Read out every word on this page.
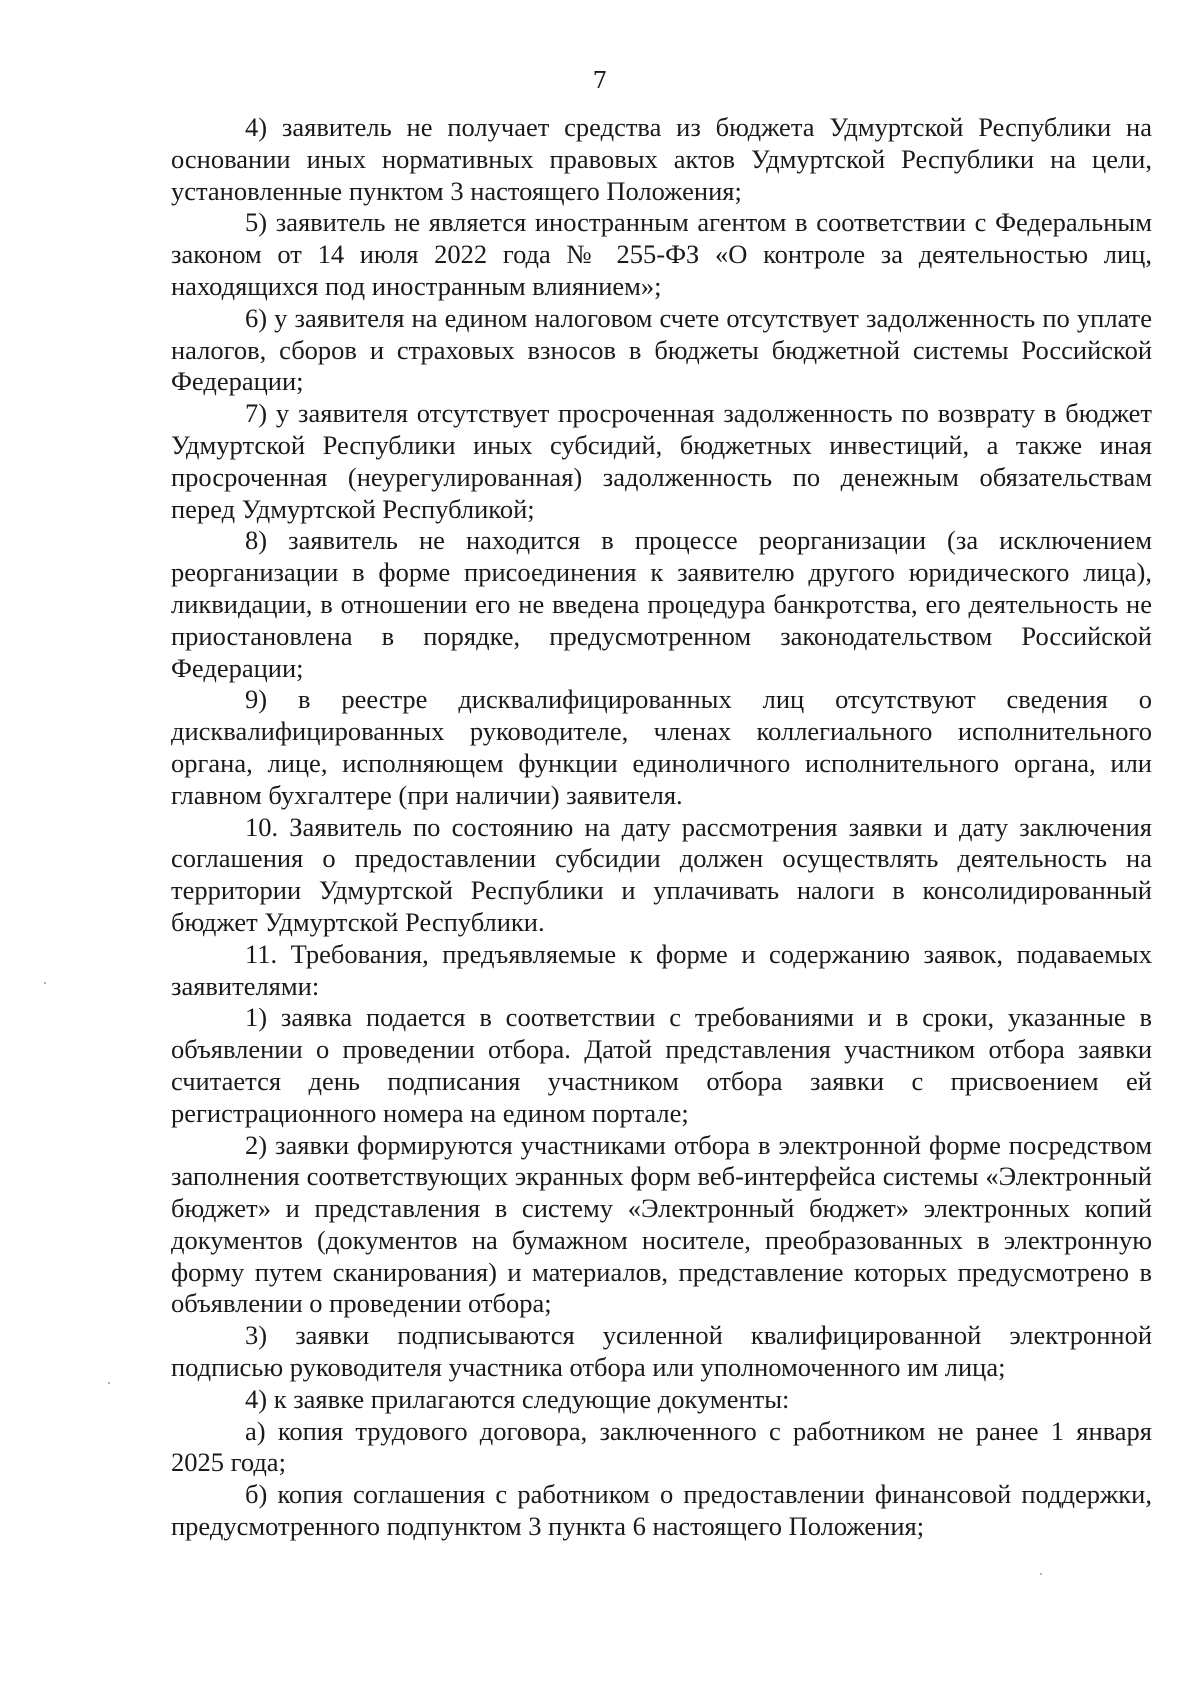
7

4) заявитель не получает средства из бюджета Удмуртской Республики на основании иных нормативных правовых актов Удмуртской Республики на цели, установленные пунктом 3 настоящего Положения;

5) заявитель не является иностранным агентом в соответствии с Федеральным законом от 14 июля 2022 года № 255-ФЗ «О контроле за деятельностью лиц, находящихся под иностранным влиянием»;

6) у заявителя на едином налоговом счете отсутствует задолженность по уплате налогов, сборов и страховых взносов в бюджеты бюджетной системы Российской Федерации;

7) у заявителя отсутствует просроченная задолженность по возврату в бюджет Удмуртской Республики иных субсидий, бюджетных инвестиций, а также иная просроченная (неурегулированная) задолженность по денежным обязательствам перед Удмуртской Республикой;

8) заявитель не находится в процессе реорганизации (за исключением реорганизации в форме присоединения к заявителю другого юридического лица), ликвидации, в отношении его не введена процедура банкротства, его деятельность не приостановлена в порядке, предусмотренном законодательством Российской Федерации;

9) в реестре дисквалифицированных лиц отсутствуют сведения о дисквалифицированных руководителе, членах коллегиального исполнительного органа, лице, исполняющем функции единоличного исполнительного органа, или главном бухгалтере (при наличии) заявителя.

10. Заявитель по состоянию на дату рассмотрения заявки и дату заключения соглашения о предоставлении субсидии должен осуществлять деятельность на территории Удмуртской Республики и уплачивать налоги в консолидированный бюджет Удмуртской Республики.

11. Требования, предъявляемые к форме и содержанию заявок, подаваемых заявителями:

1) заявка подается в соответствии с требованиями и в сроки, указанные в объявлении о проведении отбора. Датой представления участником отбора заявки считается день подписания участником отбора заявки с присвоением ей регистрационного номера на едином портале;

2) заявки формируются участниками отбора в электронной форме посредством заполнения соответствующих экранных форм веб-интерфейса системы «Электронный бюджет» и представления в систему «Электронный бюджет» электронных копий документов (документов на бумажном носителе, преобразованных в электронную форму путем сканирования) и материалов, представление которых предусмотрено в объявлении о проведении отбора;

3) заявки подписываются усиленной квалифицированной электронной подписью руководителя участника отбора или уполномоченного им лица;

4) к заявке прилагаются следующие документы:

а) копия трудового договора, заключенного с работником не ранее 1 января 2025 года;

б) копия соглашения с работником о предоставлении финансовой поддержки, предусмотренного подпунктом 3 пункта 6 настоящего Положения;
